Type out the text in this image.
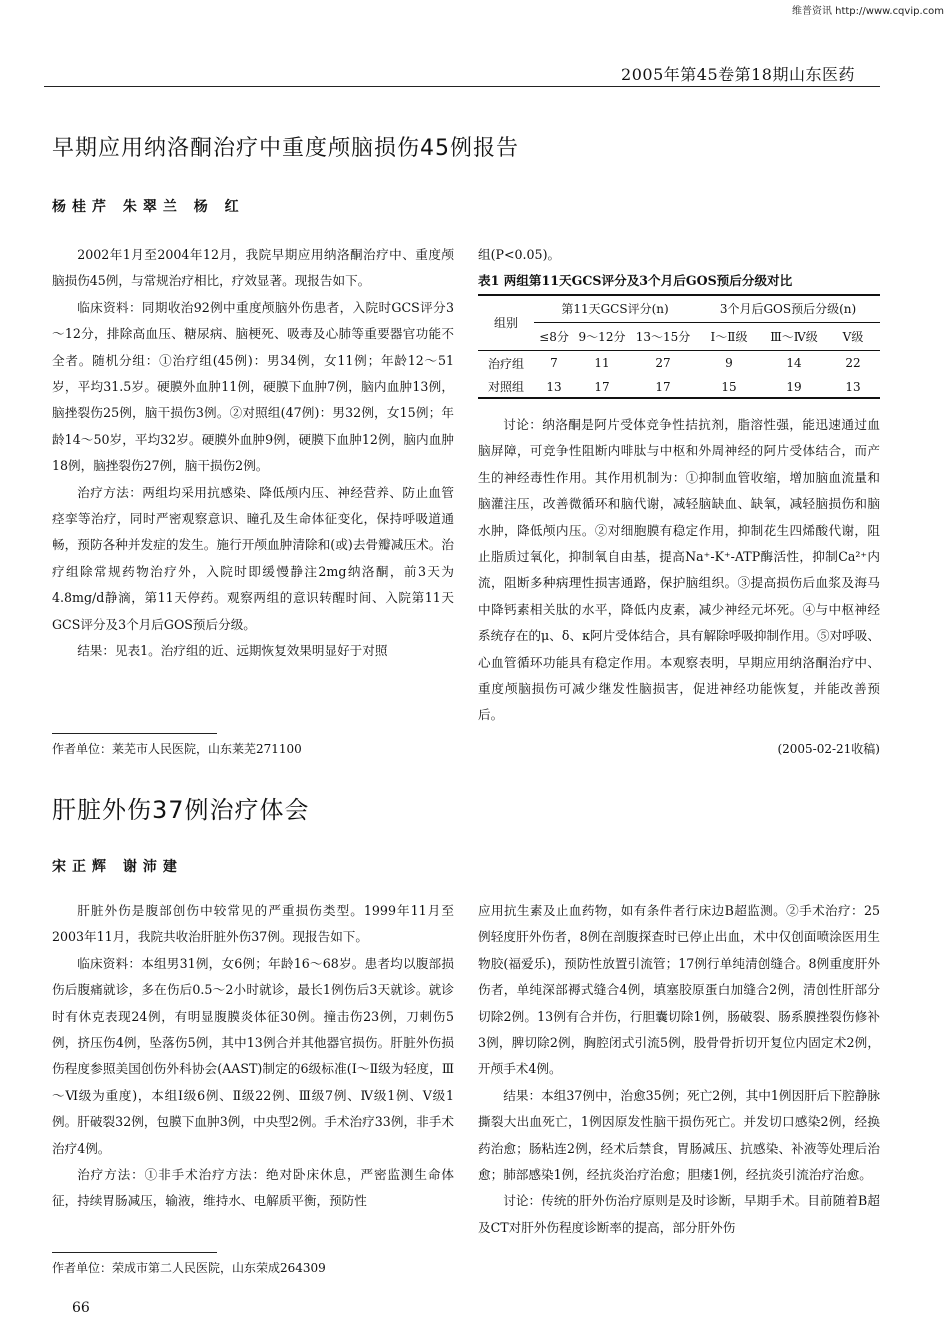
维普资讯 http://www.cqvip.com
2005年第45卷第18期山东医药
早期应用纳洛酮治疗中重度颅脑损伤45例报告
杨桂芹 朱翠兰 杨 红

2002年1月至2004年12月，我院早期应用纳洛酮治疗中、重度颅脑损伤45例，与常规治疗相比，疗效显著。现报告如下。

临床资料：同期收治92例中重度颅脑外伤患者，入院时GCS评分3～12分，排除高血压、糖尿病、脑梗死、吸毒及心肺等重要器官功能不全者。随机分组：①治疗组(45例)：男34例，女11例；年龄12～51岁，平均31.5岁。硬膜外血肿11例，硬膜下血肿7例，脑内血肿13例，脑挫裂伤25例，脑干损伤3例。②对照组(47例)：男32例，女15例；年龄14～50岁，平均32岁。硬膜外血肿9例，硬膜下血肿12例，脑内血肿18例，脑挫裂伤27例，脑干损伤2例。

治疗方法：两组均采用抗感染、降低颅内压、神经营养、防止血管痉挛等治疗，同时严密观察意识、瞳孔及生命体征变化，保持呼吸道通畅，预防各种并发症的发生。施行开颅血肿清除和(或)去骨瓣减压术。治疗组除常规药物治疗外，入院时即缓慢静注2mg纳洛酮，前3天为4.8mg/d静滴，第11天停药。观察两组的意识转醒时间、入院第11天GCS评分及3个月后GOS预后分级。

结果：见表1。治疗组的近、远期恢复效果明显好于对照

作者单位：莱芜市人民医院，山东莱芜271100

组(P<0.05)。

表1 两组第11天GCS评分及3个月后GOS预后分级对比
组别	第11天GCS评分(n)			3个月后GOS预后分级(n)		
	≤8分	9～12分	13～15分	Ⅰ～Ⅱ级	Ⅲ～Ⅳ级	Ⅴ级
治疗组	7	11	27	9	14	22
对照组	13	17	17	15	19	13

讨论：纳洛酮是阿片受体竞争性拮抗剂，脂溶性强，能迅速通过血脑屏障，可竞争性阻断内啡肽与中枢和外周神经的阿片受体结合，而产生的神经毒性作用。其作用机制为：①抑制血管收缩，增加脑血流量和脑灌注压，改善微循环和脑代谢，减轻脑缺血、缺氧，减轻脑损伤和脑水肿，降低颅内压。②对细胞膜有稳定作用，抑制花生四烯酸代谢，阻止脂质过氧化，抑制氧自由基，提高Na⁺-K⁺-ATP酶活性，抑制Ca²⁺内流，阻断多种病理性损害通路，保护脑组织。③提高损伤后血浆及海马中降钙素相关肽的水平，降低内皮素，减少神经元坏死。④与中枢神经系统存在的μ、δ、κ阿片受体结合，具有解除呼吸抑制作用。⑤对呼吸、心血管循环功能具有稳定作用。本观察表明，早期应用纳洛酮治疗中、重度颅脑损伤可减少继发性脑损害，促进神经功能恢复，并能改善预后。

(2005-02-21收稿)
肝脏外伤37例治疗体会
宋正辉 谢沛建

肝脏外伤是腹部创伤中较常见的严重损伤类型。1999年11月至2003年11月，我院共收治肝脏外伤37例。现报告如下。

临床资料：本组男31例，女6例；年龄16～68岁。患者均以腹部损伤后腹痛就诊，多在伤后0.5～2小时就诊，最长1例伤后3天就诊。就诊时有休克表现24例，有明显腹膜炎体征30例。撞击伤23例，刀刺伤5例，挤压伤4例，坠落伤5例，其中13例合并其他器官损伤。肝脏外伤损伤程度参照美国创伤外科协会(AAST)制定的6级标准(Ⅰ～Ⅱ级为轻度，Ⅲ～Ⅵ级为重度)，本组Ⅰ级6例、Ⅱ级22例、Ⅲ级7例、Ⅳ级1例、Ⅴ级1例。肝破裂32例，包膜下血肿3例，中央型2例。手术治疗33例，非手术治疗4例。

治疗方法：①非手术治疗方法：绝对卧床休息，严密监测生命体征，持续胃肠减压，输液，维持水、电解质平衡，预防性

作者单位：荣成市第二人民医院，山东荣成264309

应用抗生素及止血药物，如有条件者行床边B超监测。②手术治疗：25例轻度肝外伤者，8例在剖腹探查时已停止出血，术中仅创面喷涂医用生物胶(福爱乐)，预防性放置引流管；17例行单纯清创缝合。8例重度肝外伤者，单纯深部褥式缝合4例，填塞胶原蛋白加缝合2例，清创性肝部分切除2例。13例有合并伤，行胆囊切除1例，肠破裂、肠系膜挫裂伤修补3例，脾切除2例，胸腔闭式引流5例，股骨骨折切开复位内固定术2例，开颅手术4例。

结果：本组37例中，治愈35例；死亡2例，其中1例因肝后下腔静脉撕裂大出血死亡，1例因原发性脑干损伤死亡。并发切口感染2例，经换药治愈；肠粘连2例，经术后禁食，胃肠减压、抗感染、补液等处理后治愈；肺部感染1例，经抗炎治疗治愈；胆瘘1例，经抗炎引流治疗治愈。

讨论：传统的肝外伤治疗原则是及时诊断，早期手术。目前随着B超及CT对肝外伤程度诊断率的提高，部分肝外伤

66
